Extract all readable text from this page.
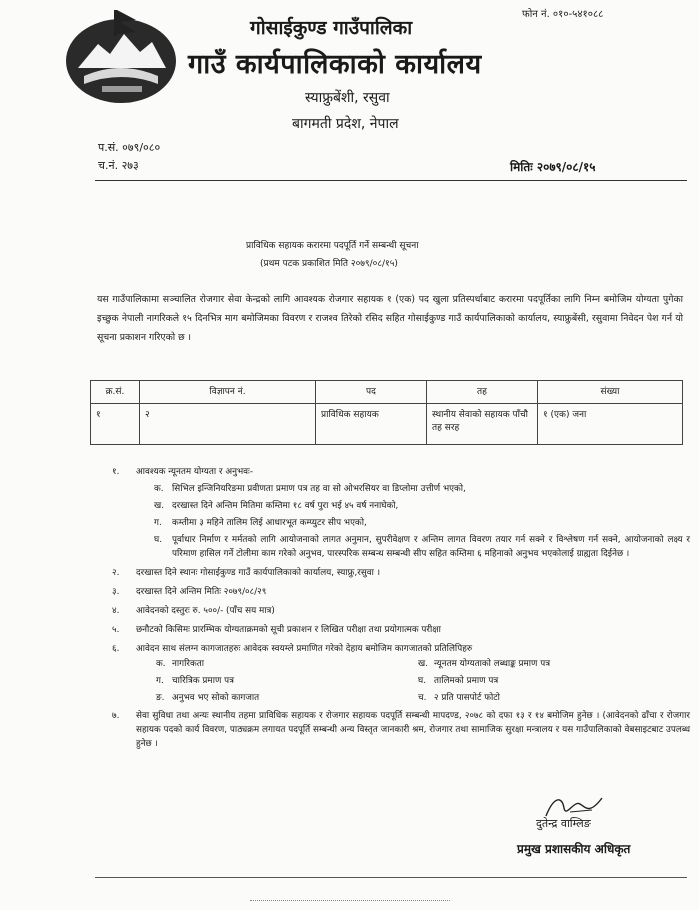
फोन नं. ०१०-५४१०८८
गोसाईकुण्ड गाउँपालिका
गाउँ कार्यपालिकाको कार्यालय
स्याफ्रुबेंशी, रसुवा
बागमती प्रदेश, नेपाल
प.सं. ०७९/०८०
च.नं. २७३	मितिः २०७९/०८/१५
प्राविधिक सहायक करारमा पदपूर्ति गर्ने सम्बन्धी सूचना
(प्रथम पटक प्रकाशित मिति २०७९/०८/१५)
यस गाउँपालिकामा सञ्चालित रोजगार सेवा केन्द्रको लागि आवश्यक रोजगार सहायक १ (एक) पद खुला प्रतिस्पर्धाबाट करारमा पदपूर्तिका लागि निम्न बमोजिम योग्यता पुगेका इच्छुक नेपाली नागरिकले १५ दिनभित्र माग बमोजिमका विवरण र राजश्व तिरेको रसिद सहित गोसाईकुण्ड गाउँ कार्यपालिकाको कार्यालय, स्याफ्रुबेंसी, रसुवामा निवेदन पेश गर्न यो सूचना प्रकाशन गरिएको छ ।
क्र.सं.	विज्ञापन नं.	पद	तह	संख्या
१	२	प्राविधिक सहायक	स्थानीय सेवाको सहायक पाँचौ तह सरह	१ (एक) जना
१. आवश्यक न्यूनतम योग्यता र अनुभवः-
क. सिभिल इन्जिनियरिङमा प्रवीणता प्रमाण पत्र तह वा सो ओभरसियर वा डिप्लोमा उत्तीर्ण भएको,
ख. दरखास्त दिने अन्तिम मितिमा कम्तिमा १८ वर्ष पुरा भई ४५ वर्ष ननाघेको,
ग. कम्तीमा ३ महिने तालिम लिई आधारभूत कम्प्युटर सीप भएको,
घ. पूर्वाधार निर्माण र मर्मतको लागि आयोजनाको लागत अनुमान, सुपरीवेक्षण र अन्तिम लागत विवरण तयार गर्न सक्ने र विश्लेषण गर्न सक्ने, आयोजनाको लक्ष्य र परिमाण हासिल गर्ने टोलीमा काम गरेको अनुभव, पारस्परिक सम्बन्ध सम्बन्धी सीप सहित कम्तिमा ६ महिनाको अनुभव भएकोलाई ग्राह्यता दिईनेछ ।
२. दरखास्त दिने स्थानः गोसाईकुण्ड गाउँ कार्यपालिकाको कार्यालय, स्याफ्रु,रसुवा ।
३. दरखास्त दिने अन्तिम मितिः २०७९/०८/२९
४. आवेदनको दस्तुरः रु. ५००/- (पाँच सय मात्र)
५. छनौटको किसिमः प्रारम्भिक योग्यताक्रमको सूची प्रकाशन र लिखित परीक्षा तथा प्रयोगात्मक परीक्षा
६. आवेदन साथ संलग्न कागजातहरुः आवेदक स्वयम्ले प्रमाणित गरेको देहाय बमोजिम कागजातको प्रतिलिपिहरु
क. नागरिकता	ख. न्यूनतम योग्यताको लब्धाङ्क प्रमाण पत्र
ग. चारित्रिक प्रमाण पत्र	घ. तालिमको प्रमाण पत्र
ङ. अनुभव भए सोको कागजात	च. २ प्रति पासपोर्ट फोटो
७. सेवा सुविधा तथा अन्यः स्थानीय तहमा प्राविधिक सहायक र रोजगार सहायक पदपूर्ति सम्बन्धी मापदण्ड, २०७८ को दफा १३ र १४ बमोजिम हुनेछ । (आवेदनको ढाँचा र रोजगार सहायक पदको कार्य विवरण, पाठ्यक्रम लगायत पदपूर्ति सम्बन्धी अन्य विस्तृत जानकारी श्रम, रोजगार तथा सामाजिक सुरक्षा मन्त्रालय र यस गाउँपालिकाको वेबसाइटबाट उपलब्ध हुनेछ ।
दुतेन्द्र वाम्लिङ
प्रमुख प्रशासकीय अधिकृत
